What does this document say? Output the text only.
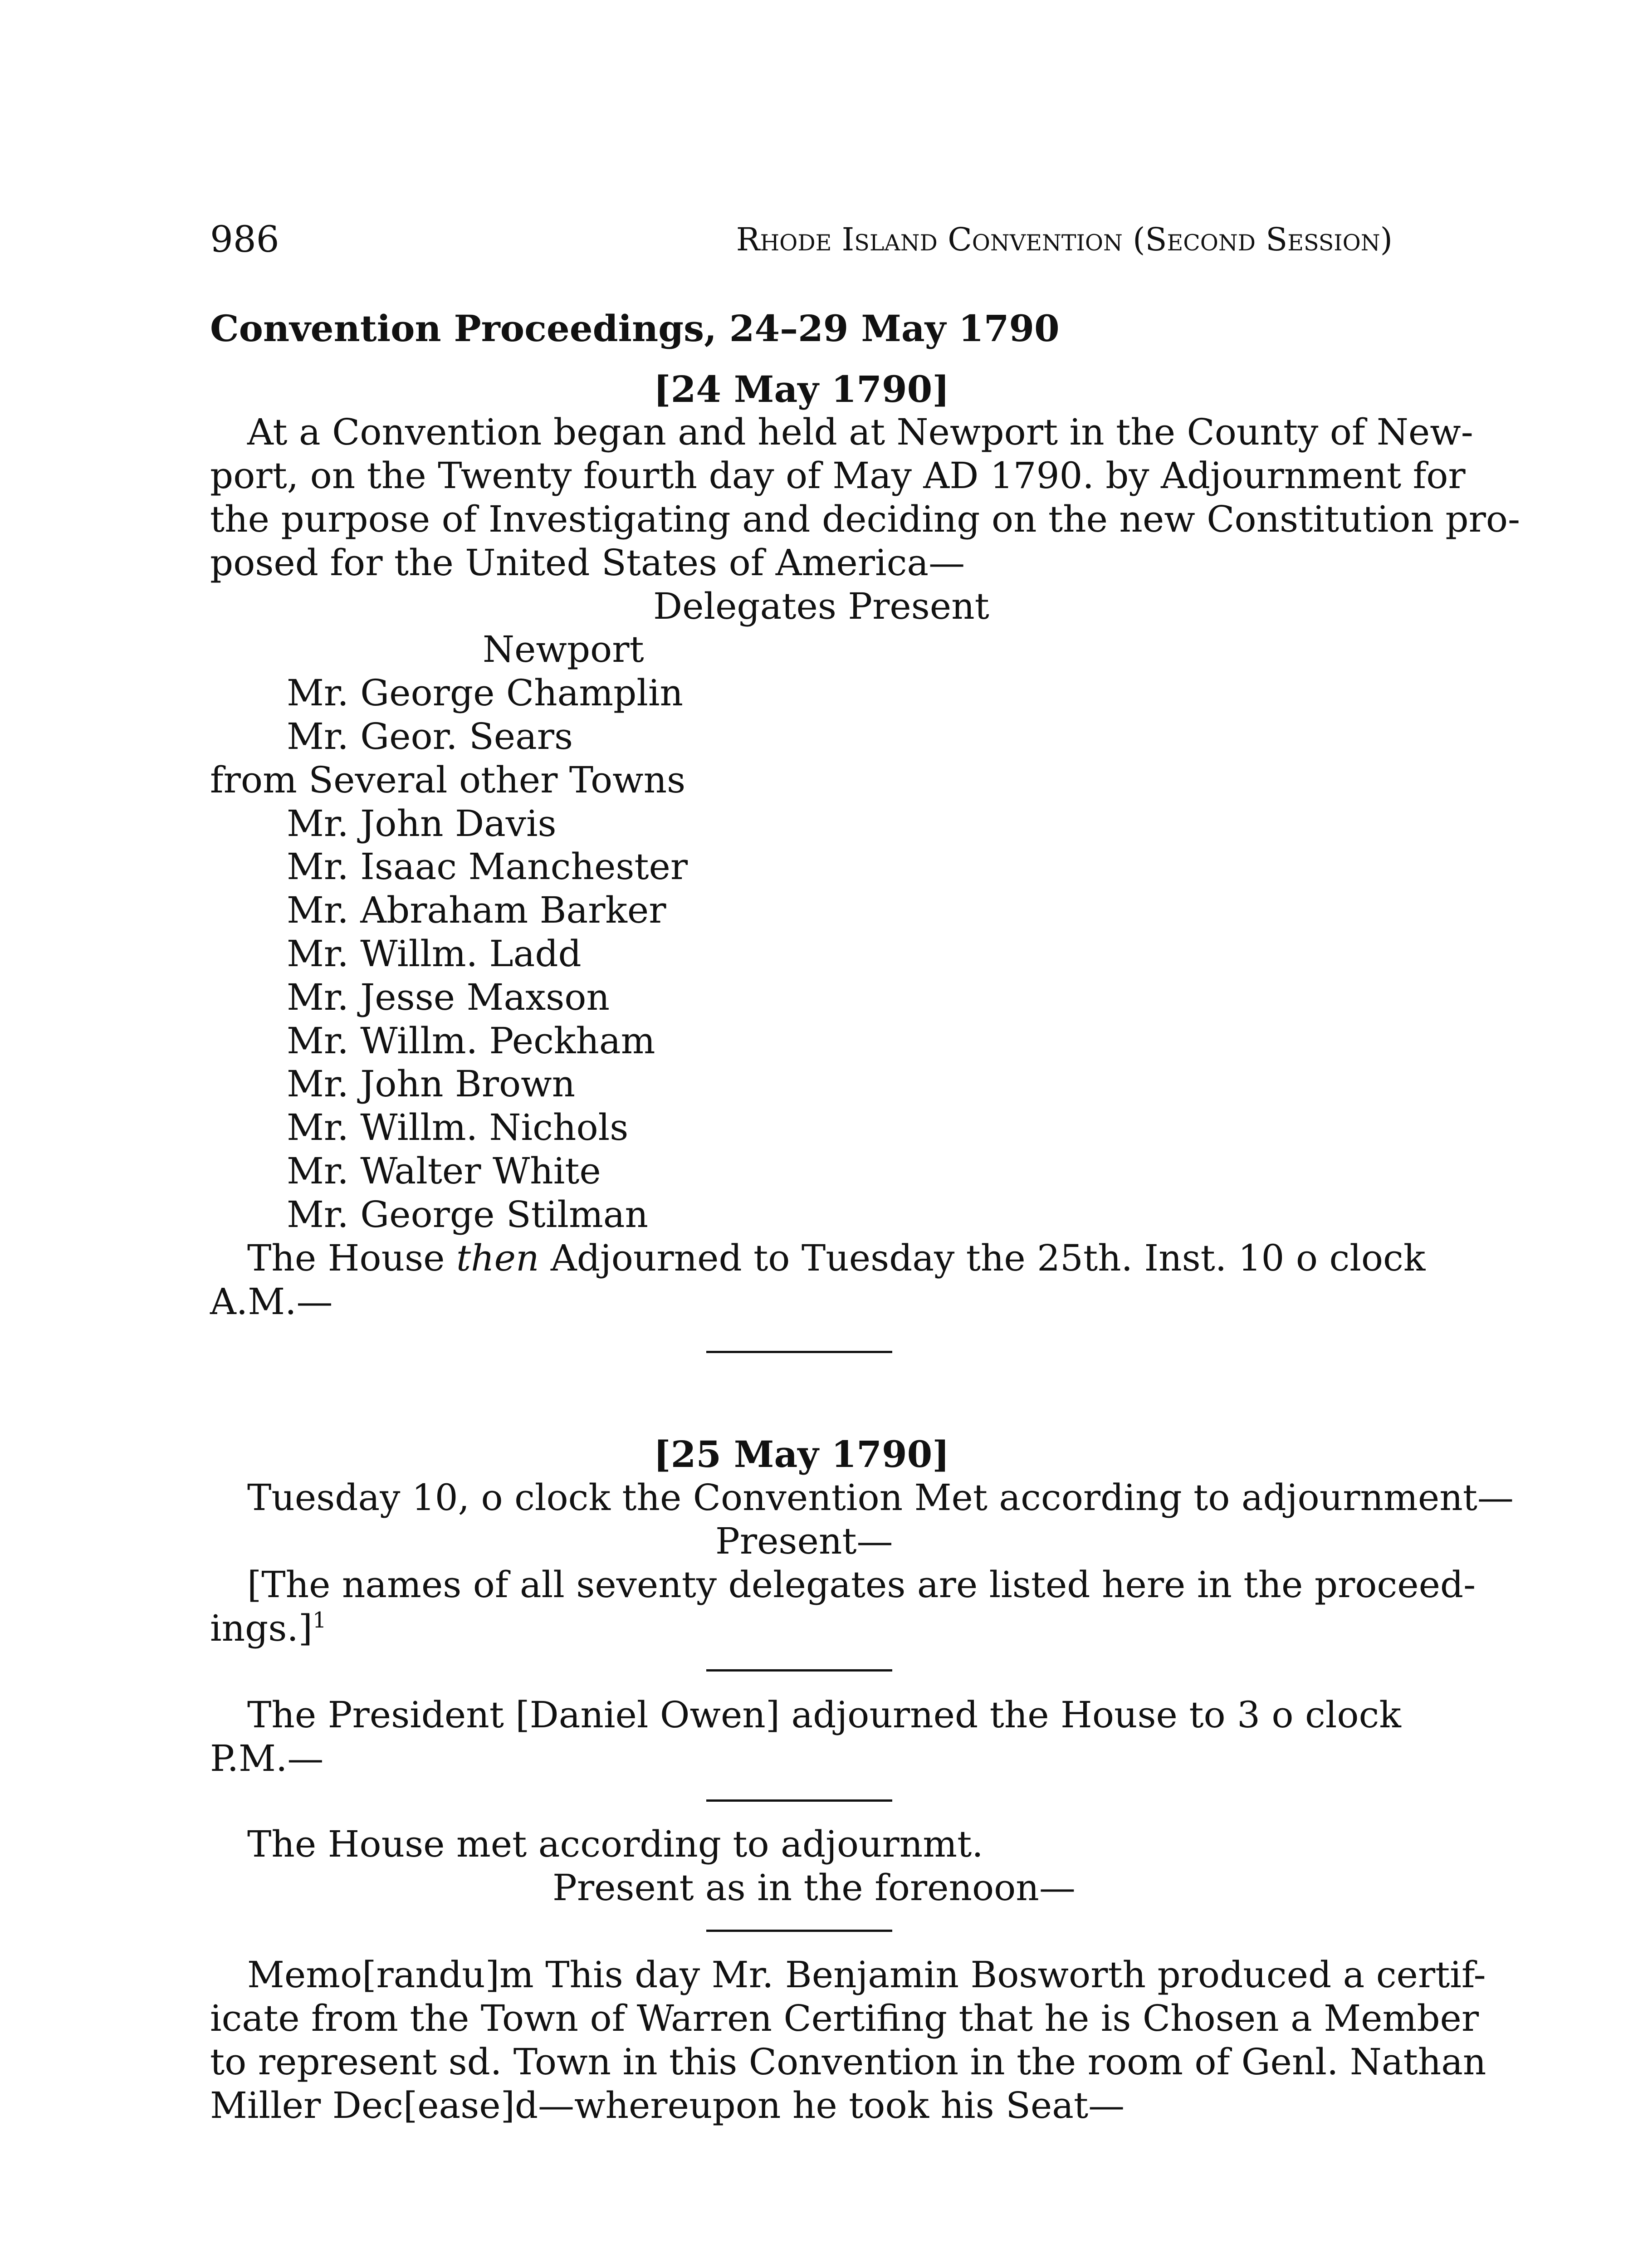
986	Rhode Island Convention (Second Session)

Convention Proceedings, 24–29 May 1790

[24 May 1790]

At a Convention began and held at Newport in the County of New-

port, on the Twenty fourth day of May AD 1790. by Adjournment for

the purpose of Investigating and deciding on the new Constitution pro-

posed for the United States of America—

Delegates Present

Newport

Mr. George Champlin

Mr. Geor. Sears

from Several other Towns

Mr. John Davis

Mr. Isaac Manchester

Mr. Abraham Barker

Mr. Willm. Ladd

Mr. Jesse Maxson

Mr. Willm. Peckham

Mr. John Brown

Mr. Willm. Nichols

Mr. Walter White

Mr. George Stilman

The House then Adjourned to Tuesday the 25th. Inst. 10 o clock

A.M.—

[25 May 1790]

Tuesday 10, o clock the Convention Met according to adjournment—

Present—

[The names of all seventy delegates are listed here in the proceed-

ings.]$^1$

The President [Daniel Owen] adjourned the House to 3 o clock

P.M.—

The House met according to adjournmt.

Present as in the forenoon—

Memo[randu]m This day Mr. Benjamin Bosworth produced a certif-

icate from the Town of Warren Certifing that he is Chosen a Member

to represent sd. Town in this Convention in the room of Genl. Nathan

Miller Dec[ease]d—whereupon he took his Seat—
